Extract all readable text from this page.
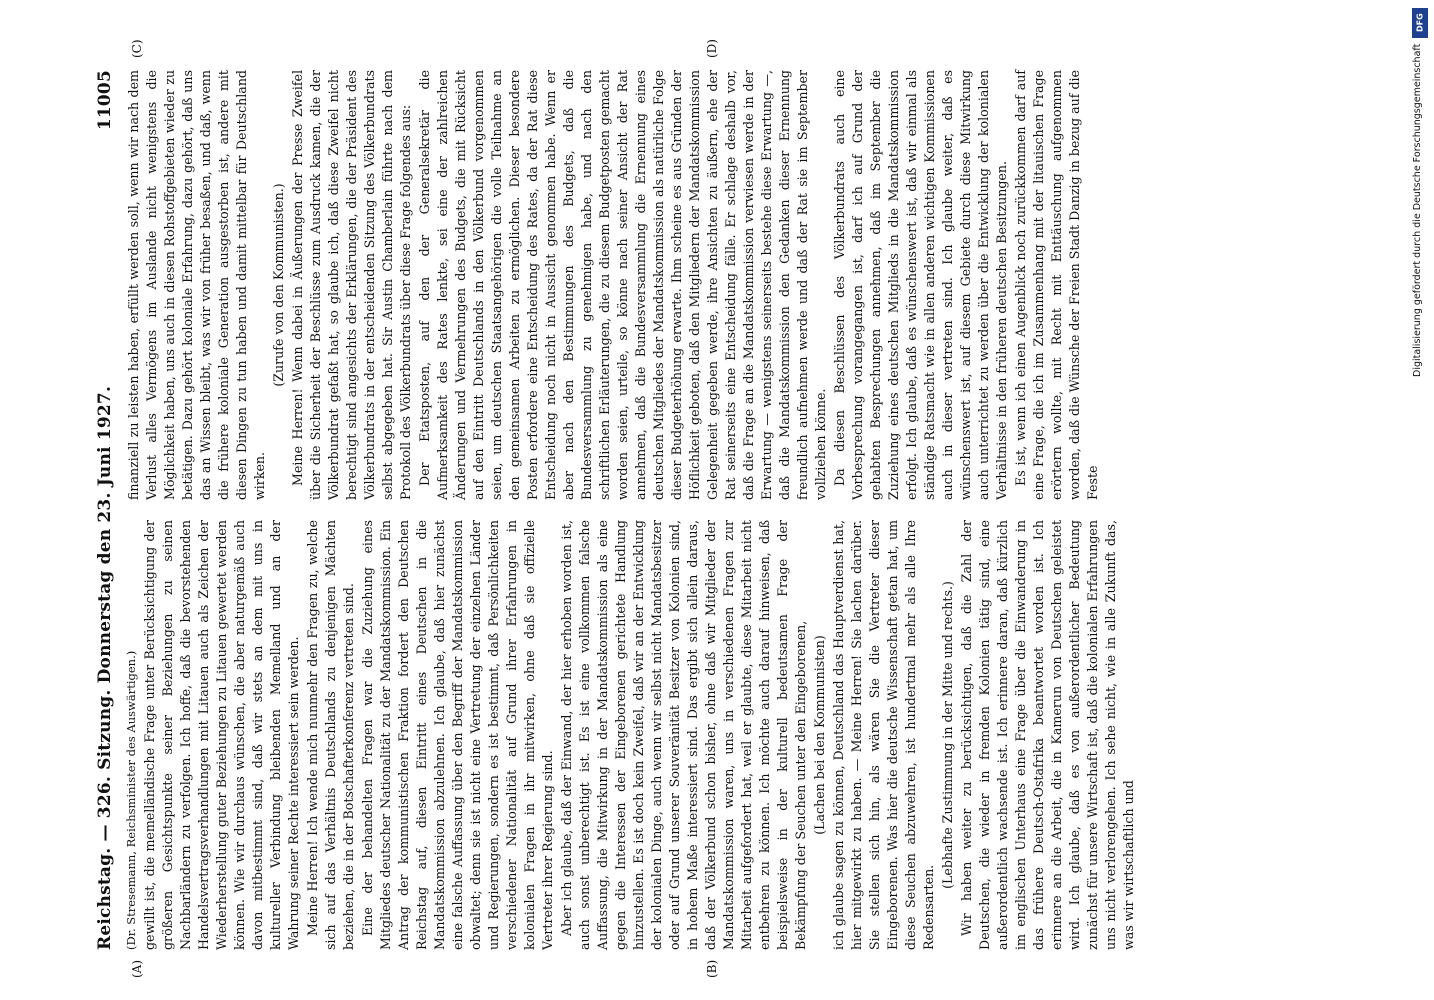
Reichstag. — 326. Sitzung. Donnerstag den 23. Juni 1927.
11005

(Dr. Stresemann, Reichsminister des Auswärtigen.) gewillt ist, die memelländische Frage unter Berücksichtigung der größeren Gesichtspunkte seiner Beziehungen zu seinen Nachbarländern zu verfolgen. Ich hoffe, daß die bevorstehenden Handelsvertragsverhandlungen mit Litauen auch als Zeichen der Wiederherstellung guter Beziehungen zu Litauen gewertet werden können. Wie wir durchaus wünschen, die aber naturgemäß auch davon mitbestimmt sind, daß wir stets an dem mit uns in kultureller Verbindung bleibenden Memelland und an der Wahrung seiner Rechte interessiert sein werden. Meine Herren! Ich wende mich nunmehr den Fragen zu, welche sich auf das Verhältnis Deutschlands zu denjenigen Mächten beziehen, die in der Botschafterkonferenz vertreten sind. Eine der behandelten Fragen war die Zuziehung eines Mitgliedes deutscher Nationalität zu der Mandatskommission. Ein Antrag der kommunistischen Fraktion fordert den Deutschen Reichstag auf, diesen Eintritt eines Deutschen in die Mandatskommission abzulehnen. Ich glaube, daß hier zunächst eine falsche Auffassung über den Begriff der Mandatskommission obwaltet; denn sie ist nicht eine Vertretung der einzelnen Länder und Regierungen, sondern es ist bestimmt, daß Persönlichkeiten verschiedener Nationalität auf Grund ihrer Erfahrungen in kolonialen Fragen in ihr mitwirken, ohne daß sie offizielle Vertreter ihrer Regierung sind. Aber ich glaube, daß der Einwand, der hier erhoben worden ist, auch sonst unberechtigt ist. Es ist eine vollkommen falsche Auffassung, die Mitwirkung in der Mandatskommission als eine gegen die Interessen der Eingeborenen gerichtete Handlung hinzustellen. Es ist doch kein Zweifel, daß wir an der Entwicklung der kolonialen Dinge, auch wenn wir selbst nicht Mandatsbesitzer oder auf Grund unserer Souveränität Besitzer von Kolonien sind, in hohem Maße interessiert sind. Das ergibt sich allein daraus, daß der Völkerbund schon bisher, ohne daß wir Mitglieder der Mandatskommission waren, uns in verschiedenen Fragen zur Mitarbeit aufgefordert hat, weil er glaubte, diese Mitarbeit nicht entbehren zu können. Ich möchte auch darauf hinweisen, daß beispielsweise in der kulturell bedeutsamen Frage der Bekämpfung der Seuchen unter den Eingeborenen, (Lachen bei den Kommunisten) ich glaube sagen zu können, Deutschland das Hauptverdienst hat, hier mitgewirkt zu haben. — Meine Herren! Sie lachen darüber. Sie stellen sich hin, als wären Sie die Vertreter dieser Eingeborenen. Was hier die deutsche Wissenschaft getan hat, um diese Seuchen abzuwehren, ist hundertmal mehr als alle Ihre Redensarten.

(Lebhafte Zustimmung in der Mitte und rechts.) Wir haben weiter zu berücksichtigen, daß die Zahl der Deutschen, die wieder in fremden Kolonien tätig sind, eine außerordentlich wachsende ist. Ich erinnere daran, daß kürzlich im englischen Unterhaus eine Frage über die Einwanderung in das frühere Deutsch-Ostafrika beantwortet worden ist. Ich erinnere an die Arbeit, die in Kamerun von Deutschen geleistet wird. Ich glaube, daß es von außerordentlicher Bedeutung zunächst für unsere Wirtschaft ist, daß die kolonialen Erfahrungen uns nicht verlorengehen. Ich sehe nicht, wie in alle Zukunft das, was wir wirtschaftlich und

finanziell zu leisten haben, erfüllt werden soll, wenn wir nach dem Verlust alles Vermögens im Auslande nicht wenigstens die Möglichkeit haben, uns auch in diesen Rohstoffgebieten wieder zu betätigen. Dazu gehört koloniale Erfahrung, dazu gehört, daß uns das an Wissen bleibt, was wir von früher besaßen, und daß, wenn die frühere koloniale Generation ausgestorben ist, andere mit diesen Dingen zu tun haben und damit mittelbar für Deutschland wirken.

(Zurufe von den Kommunisten.) Meine Herren! Wenn dabei in Äußerungen der Presse Zweifel über die Sicherheit der Beschlüsse zum Ausdruck kamen, die der Völkerbundrat gefaßt hat, so glaube ich, daß diese Zweifel nicht berechtigt sind angesichts der Erklärungen, die der Präsident des Völkerbundrats in der entscheidenden Sitzung des Völkerbundrats selbst abgegeben hat. Sir Austin Chamberlain führte nach dem Protokoll des Völkerbundrats über diese Frage folgendes aus: Der Etatsposten, auf den der Generalsekretär die Aufmerksamkeit des Rates lenkte, sei eine der zahlreichen Änderungen und Vermehrungen des Budgets, die mit Rücksicht auf den Eintritt Deutschlands in den Völkerbund vorgenommen seien, um deutschen Staatsangehörigen die volle Teilnahme an den gemeinsamen Arbeiten zu ermöglichen. Dieser besondere Posten erfordere eine Entscheidung des Rates, da der Rat diese Entscheidung noch nicht in Aussicht genommen habe. Wenn er aber nach den Bestimmungen des Budgets, daß die Bundesversammlung zu genehmigen habe, und nach den schriftlichen Erläuterungen, die zu diesem Budgetposten gemacht worden seien, urteile, so könne nach seiner Ansicht der Rat annehmen, daß die Bundesversammlung die Ernennung eines deutschen Mitgliedes der Mandatskommission als natürliche Folge dieser Budgeterhöhung erwarte. Ihm scheine es aus Gründen der Höflichkeit geboten, daß den Mitgliedern der Mandatskommission Gelegenheit gegeben werde, ihre Ansichten zu äußern, ehe der Rat seinerseits eine Entscheidung fälle. Er schlage deshalb vor, daß die Frage an die Mandatskommission verwiesen werde in der Erwartung — wenigstens seinerseits bestehe diese Erwartung —, daß die Mandatskommission den Gedanken dieser Ernennung freundlich aufnehmen werde und daß der Rat sie im September vollziehen könne. Da diesen Beschlüssen des Völkerbundrats auch eine Vorbesprechung vorangegangen ist, darf ich auf Grund der gehabten Besprechungen annehmen, daß im September die Zuziehung eines deutschen Mitglieds in die Mandatskommission erfolgt. Ich glaube, daß es wünschenswert ist, daß wir einmal als ständige Ratsmacht wie in allen anderen wichtigen Kommissionen auch in dieser vertreten sind. Ich glaube weiter, daß es wünschenswert ist, auf diesem Gebiete durch diese Mitwirkung auch unterrichtet zu werden über die Entwicklung der kolonialen Verhältnisse in den früheren deutschen Besitzungen. Es ist, wenn ich einen Augenblick noch zurückkommen darf auf eine Frage, die ich im Zusammenhang mit der litauischen Frage erörtern wollte, mit Recht mit Enttäuschung aufgenommen worden, daß die Wünsche der Freien Stadt Danzig in bezug auf die Feste

(A)	(B)
(C)	(D)
DFG
Digitalisierung gefördert durch die Deutsche Forschungsgemeinschaft
